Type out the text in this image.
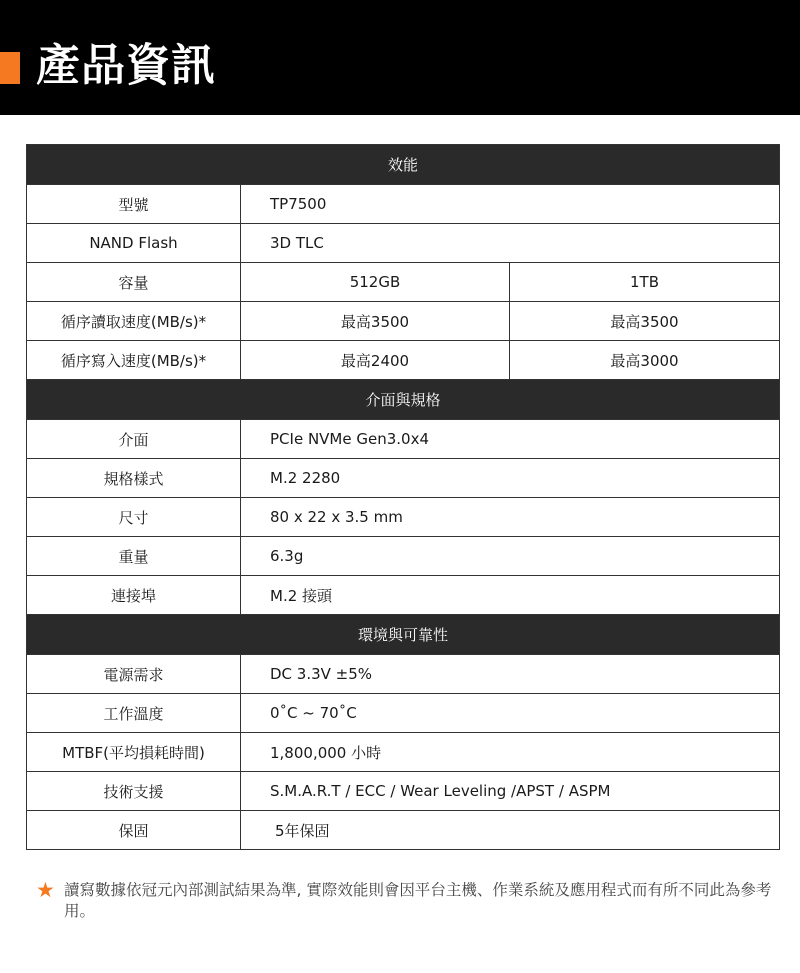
產品資訊
效能		
型號	TP7500	
NAND Flash	3D TLC	
容量	512GB	1TB
循序讀取速度(MB/s)*	最高3500	最高3500
循序寫入速度(MB/s)*	最高2400	最高3000
介面與規格		
介面	PCIe NVMe Gen3.0x4	
規格樣式	M.2 2280	
尺寸	80 x 22 x 3.5 mm	
重量	6.3g	
連接埠	M.2 接頭	
環境與可靠性		
電源需求	DC 3.3V ±5%	
工作溫度	0˚C ~ 70˚C	
MTBF(平均損耗時間)	1,800,000 小時	
技術支援	S.M.A.R.T / ECC / Wear Leveling /APST / ASPM	
保固	5年保固	
★ 讀寫數據依冠元內部測試結果為準, 實際效能則會因平台主機、作業系統及應用程式而有所不同此為參考用。
